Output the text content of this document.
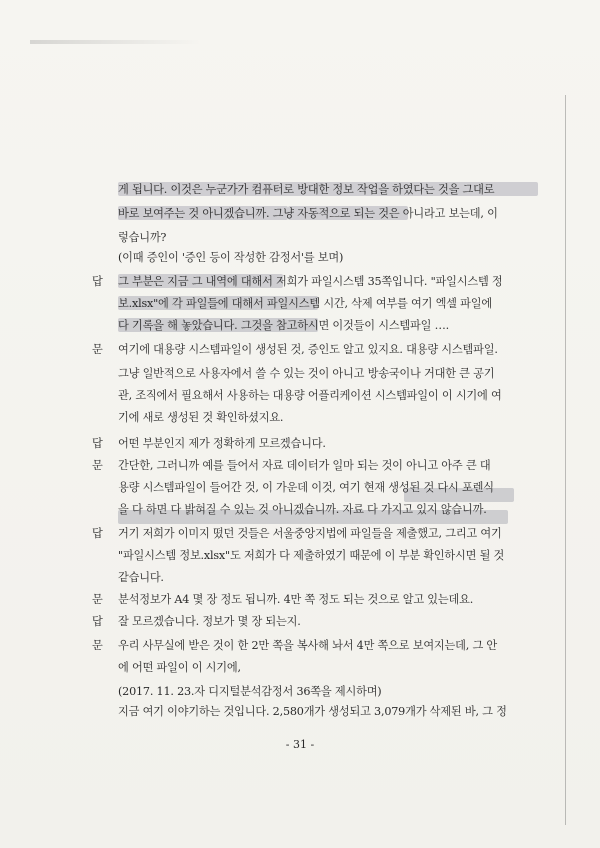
게 됩니다. 이것은 누군가가 컴퓨터로 방대한 정보 작업을 하였다는 것을 그대로
바로 보여주는 것 아니겠습니까. 그냥 자동적으로 되는 것은 아니라고 보는데, 이
렇습니까?
(이때 증인이 '증인 등이 작성한 감정서'를 보며)
답 그 부분은 지금 그 내역에 대해서 저희가 파일시스템 35쪽입니다. "파일시스템 정
보.xlsx"에 각 파일들에 대해서 파일시스템 시간, 삭제 여부를 여기 엑셀 파일에
다 기록을 해 놓았습니다. 그것을 참고하시면 이것들이 시스템파일 ….
문 여기에 대용량 시스템파일이 생성된 것, 증인도 알고 있지요. 대용량 시스템파일.
그냥 일반적으로 사용자에서 쓸 수 있는 것이 아니고 방송국이나 거대한 큰 공기
관, 조직에서 필요해서 사용하는 대용량 어플리케이션 시스템파일이 이 시기에 여
기에 새로 생성된 것 확인하셨지요.
답 어떤 부분인지 제가 정확하게 모르겠습니다.
문 간단한, 그러니까 예를 들어서 자료 데이터가 일마 되는 것이 아니고 아주 큰 대
용량 시스템파일이 들어간 것, 이 가운데 이것, 여기 현재 생성된 것 다시 포렌식
을 다 하면 다 밝혀질 수 있는 것 아니겠습니까. 자료 다 가지고 있지 않습니까.
답 거기 저희가 이미지 떴던 것들은 서울중앙지법에 파일들을 제출했고, 그리고 여기
"파일시스템 정보.xlsx"도 저희가 다 제출하였기 때문에 이 부분 확인하시면 될 것
같습니다.
문 분석정보가 A4 몇 장 정도 됩니까. 4만 쪽 정도 되는 것으로 알고 있는데요.
답 잘 모르겠습니다. 정보가 몇 장 되는지.
문 우리 사무실에 받은 것이 한 2만 쪽을 복사해 놔서 4만 쪽으로 보여지는데, 그 안
에 어떤 파일이 이 시기에,
(2017. 11. 23.자 디지털분석감정서 36쪽을 제시하며)
지금 여기 이야기하는 것입니다. 2,580개가 생성되고 3,079개가 삭제된 바, 그 정
- 31 -
